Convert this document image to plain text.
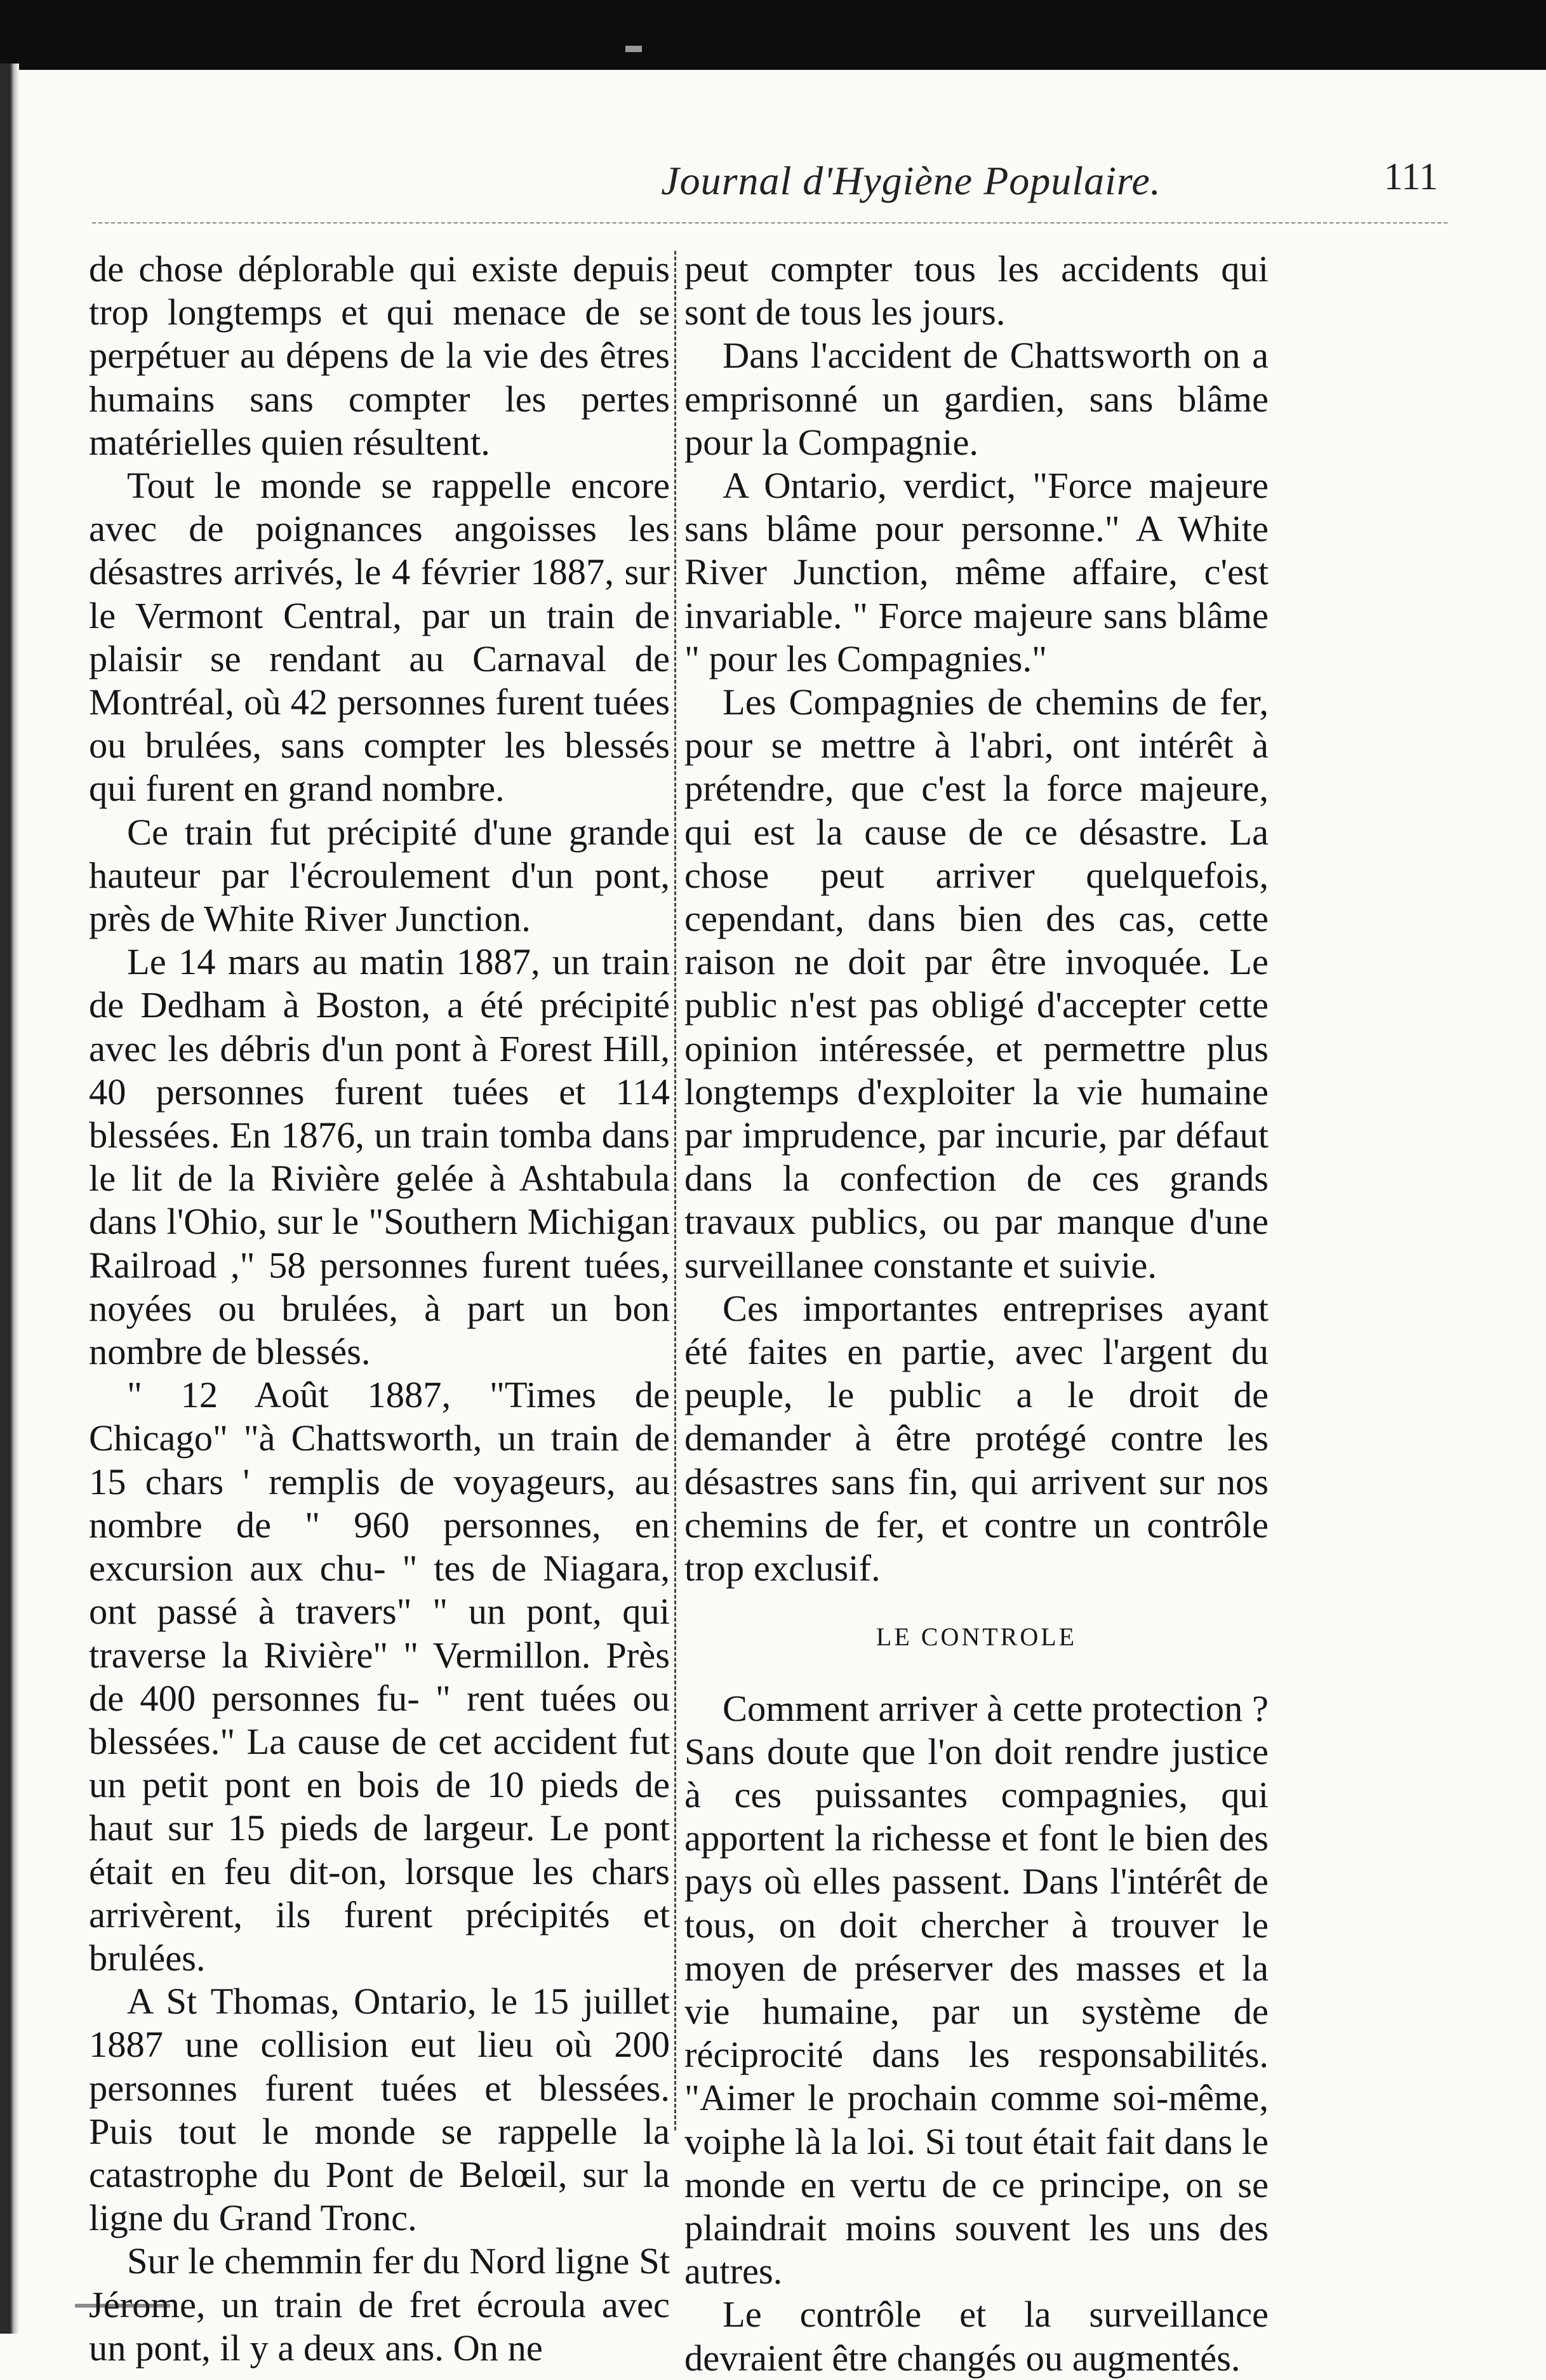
Journal d'Hygiène Populaire.	111

de chose déplorable qui existe depuis trop longtemps et qui menace de se perpétuer au dépens de la vie des êtres humains sans compter les pertes matérielles quien résultent.

Tout le monde se rappelle encore avec de poignances angoisses les désastres arrivés, le 4 février 1887, sur le Vermont Central, par un train de plaisir se rendant au Carnaval de Montréal, où 42 personnes furent tuées ou brulées, sans compter les blessés qui furent en grand nombre.

Ce train fut précipité d'une grande hauteur par l'écroulement d'un pont, près de White River Junction.

Le 14 mars au matin 1887, un train de Dedham à Boston, a été précipité avec les débris d'un pont à Forest Hill, 40 personnes furent tuées et 114 blessées. En 1876, un train tomba dans le lit de la Rivière gelée à Ashtabula dans l'Ohio, sur le "Southern Michigan Railroad ," 58 personnes furent tuées, noyées ou brulées, à part un bon nombre de blessés.

" 12 Août 1887, "Times de Chicago" "à Chattsworth, un train de 15 chars ' remplis de voyageurs, au nombre de " 960 personnes, en excursion aux chu- " tes de Niagara, ont passé à travers" " un pont, qui traverse la Rivière" " Vermillon. Près de 400 personnes fu- " rent tuées ou blessées." La cause de cet accident fut un petit pont en bois de 10 pieds de haut sur 15 pieds de largeur. Le pont était en feu dit-on, lorsque les chars arrivèrent, ils furent précipités et brulées.

A St Thomas, Ontario, le 15 juillet 1887 une collision eut lieu où 200 personnes furent tuées et blessées. Puis tout le monde se rappelle la catastrophe du Pont de Belœil, sur la ligne du Grand Tronc.

Sur le chemmin fer du Nord ligne St Jérome, un train de fret écroula avec un pont, il y a deux ans. On ne

peut compter tous les accidents qui sont de tous les jours.

Dans l'accident de Chattsworth on a emprisonné un gardien, sans blâme pour la Compagnie.

A Ontario, verdict, "Force majeure sans blâme pour personne." A White River Junction, même affaire, c'est invariable. " Force majeure sans blâme " pour les Compagnies."

Les Compagnies de chemins de fer, pour se mettre à l'abri, ont intérêt à prétendre, que c'est la force majeure, qui est la cause de ce désastre. La chose peut arriver quelquefois, cependant, dans bien des cas, cette raison ne doit par être invoquée. Le public n'est pas obligé d'accepter cette opinion intéressée, et permettre plus longtemps d'exploiter la vie humaine par imprudence, par incurie, par défaut dans la confection de ces grands travaux publics, ou par manque d'une surveillanee constante et suivie.

Ces importantes entreprises ayant été faites en partie, avec l'argent du peuple, le public a le droit de demander à être protégé contre les désastres sans fin, qui arrivent sur nos chemins de fer, et contre un contrôle trop exclusif.

LE CONTROLE

Comment arriver à cette protection ? Sans doute que l'on doit rendre justice à ces puissantes compagnies, qui apportent la richesse et font le bien des pays où elles passent. Dans l'intérêt de tous, on doit chercher à trouver le moyen de préserver des masses et la vie humaine, par un système de réciprocité dans les responsabilités. "Aimer le prochain comme soi-même, voiphe là la loi. Si tout était fait dans le monde en vertu de ce principe, on se plaindrait moins souvent les uns des autres.

Le contrôle et la surveillance devraient être changés ou augmentés.
